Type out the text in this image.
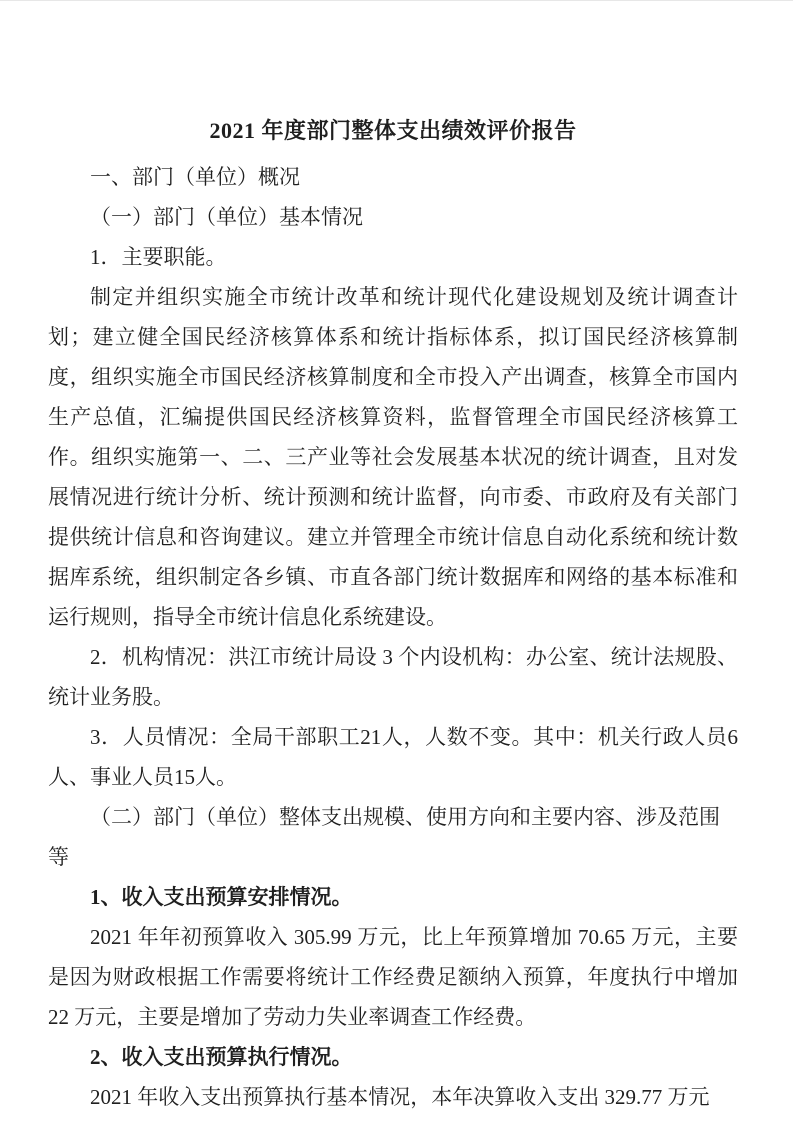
2021 年度部门整体支出绩效评价报告

一、部门（单位）概况

（一）部门（单位）基本情况

1．主要职能。

制定并组织实施全市统计改革和统计现代化建设规划及统计调查计划；建立健全国民经济核算体系和统计指标体系，拟订国民经济核算制度，组织实施全市国民经济核算制度和全市投入产出调查，核算全市国内生产总值，汇编提供国民经济核算资料，监督管理全市国民经济核算工作。组织实施第一、二、三产业等社会发展基本状况的统计调查，且对发展情况进行统计分析、统计预测和统计监督，向市委、市政府及有关部门提供统计信息和咨询建议。建立并管理全市统计信息自动化系统和统计数据库系统，组织制定各乡镇、市直各部门统计数据库和网络的基本标准和运行规则，指导全市统计信息化系统建设。

2．机构情况：洪江市统计局设 3 个内设机构：办公室、统计法规股、统计业务股。

3．人员情况：全局干部职工21人，人数不变。其中：机关行政人员6人、事业人员15人。

（二）部门（单位）整体支出规模、使用方向和主要内容、涉及范围等

1、收入支出预算安排情况。

2021 年年初预算收入 305.99 万元，比上年预算增加 70.65 万元，主要是因为财政根据工作需要将统计工作经费足额纳入预算，年度执行中增加 22 万元，主要是增加了劳动力失业率调查工作经费。

2、收入支出预算执行情况。

2021 年收入支出预算执行基本情况，本年决算收入支出 329.77 万元
